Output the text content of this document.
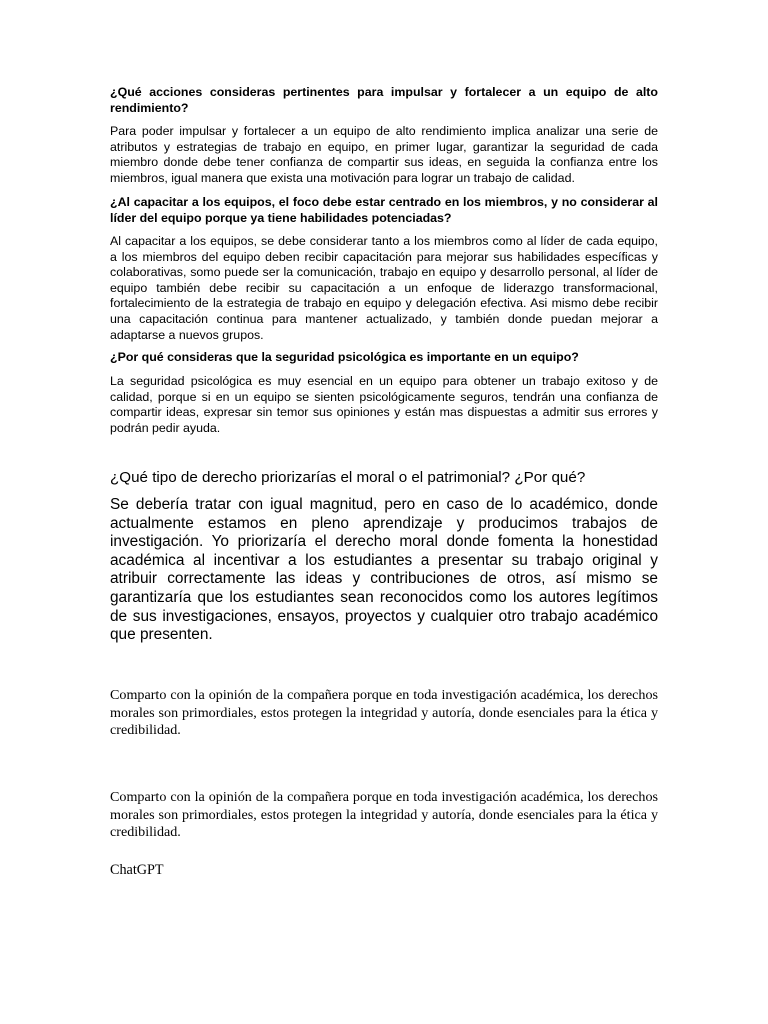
¿Qué acciones consideras pertinentes para impulsar y fortalecer a un equipo de alto rendimiento?

Para poder impulsar y fortalecer a un equipo de alto rendimiento implica analizar una serie de atributos y estrategias de trabajo en equipo, en primer lugar, garantizar la seguridad de cada miembro donde debe tener confianza de compartir sus ideas, en seguida la confianza entre los miembros, igual manera que exista una motivación para lograr un trabajo de calidad.

¿Al capacitar a los equipos, el foco debe estar centrado en los miembros, y no considerar al líder del equipo porque ya tiene habilidades potenciadas?

Al capacitar a los equipos, se debe considerar tanto a los miembros como al líder de cada equipo, a los miembros del equipo deben recibir capacitación para mejorar sus habilidades específicas y colaborativas, somo puede ser la comunicación, trabajo en equipo y desarrollo personal, al líder de equipo también debe recibir su capacitación a un enfoque de liderazgo transformacional, fortalecimiento de la estrategia de trabajo en equipo y delegación efectiva. Asi mismo debe recibir una capacitación continua para mantener actualizado, y también donde puedan mejorar a adaptarse a nuevos grupos.

¿Por qué consideras que la seguridad psicológica es importante en un equipo?

La seguridad psicológica es muy esencial en un equipo para obtener un trabajo exitoso y de calidad, porque si en un equipo se sienten psicológicamente seguros, tendrán una confianza de compartir ideas, expresar sin temor sus opiniones y están mas dispuestas a admitir sus errores y podrán pedir ayuda.

¿Qué tipo de derecho priorizarías el moral o el patrimonial? ¿Por qué?

Se debería tratar con igual magnitud, pero en caso de lo académico, donde actualmente estamos en pleno aprendizaje y producimos trabajos de investigación. Yo priorizaría el derecho moral donde fomenta la honestidad académica al incentivar a los estudiantes a presentar su trabajo original y atribuir correctamente las ideas y contribuciones de otros, así mismo se garantizaría que los estudiantes sean reconocidos como los autores legítimos de sus investigaciones, ensayos, proyectos y cualquier otro trabajo académico que presenten.

Comparto con la opinión de la compañera porque en toda investigación académica, los derechos morales son primordiales, estos protegen la integridad y autoría, donde esenciales para la ética y credibilidad.

Comparto con la opinión de la compañera porque en toda investigación académica, los derechos morales son primordiales, estos protegen la integridad y autoría, donde esenciales para la ética y credibilidad.

ChatGPT
